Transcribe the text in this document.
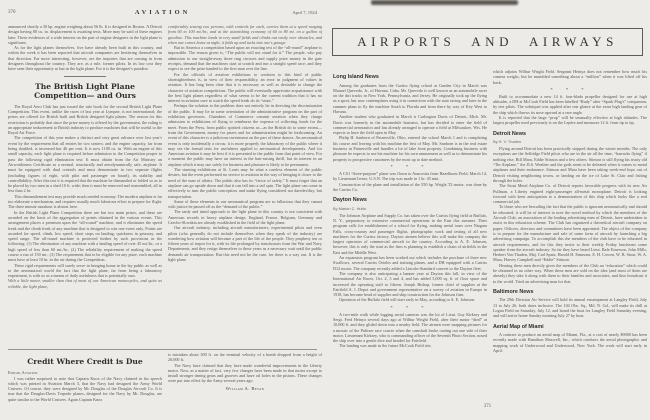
370	AVIATION	April 7, 1924
announced shortly a 30 hp. engine weighing about 56 lb. It is designed in Boston. A Detroit design having 80 cu. in. displacement is awaiting tests. More may be said of these engines later. These evidences of a wide interest on the part of engine designers in the light plane is significant.
As for the light planes themselves, five have already been built in this country, and within the week it has been reported that aircraft companies are bestirring themselves in that direction. Far more interesting, however, are the inquiries that are coming in from designers throughout the country. They are, as a rule, former pilots. In its low cost they have seen their opportunity at last in the light plane. For it is the designer's paradise.
The British Light Plane Competition— and Ours
The Royal Aero Club has just issued the rule book for the second British Light Plane Competition. This event, unlike the races of last year at Lympne, is not international; the prizes are offered for British built and British designed light planes. The reason for this restriction is probably that since the prize money is offered by the government, the ruling is an appropriate inducement to British industry to produce machines that will be useful to the Royal Air Force.
The competition of this year makes a distinct and very great advance over last year's event by the requirement that all entries be two seaters; and the engine capacity, far from being doubled, is increased but 46 per cent. It is now 1100 cu. in. With an engine of this small capacity, each light plane is required before admission to the Competition proper to pass the following rigid elimination test: It must obtain from the Air Ministry an Airworthiness Certificate as a normal, structurally and aerodynamically safe, airplane. It must be equipped with dual controls and must demonstrate in two separate flights (including figures of eight, with pilot and passenger on board), its stability and controllability. After this test it is required that the machine be dismantled or folded so as to be placed by two men in a shed 10 ft. wide; then it must be removed and reassembled, all in less than 2 hr.
This dismantlement test may provide much needed economy. The modern airplane is far too elaborate a mechanism, and requires usually much laborious effort to prepare for flight. The three minute runabout is almost here.
In the British Light Plane Competition there are but two main prizes, and these are awarded on the basis of the aggregation of points obtained in the various events. This arrangement places a premium upon the “all-round” machine, and it eliminates the speed freak and the climb freak of any machine that is designed to win one event only. Points are awarded for speed, climb, low speed, short stops on landing, quickness in getaway, and speed range. The all-round machine is protected further by such provisions as the following: (1) The elimination of any machine with a landing speed of over 45 mi./hr., or a high speed of less than 60 mi./hr.; (2) The reliability requirement of making the speed course a run of 150 mi.; (3) The requirement that to be eligible for any prize, each machine must have at least 10 hr. in the air during the Competition.
These rigid requirements will surely serve in bringing home to the lay public as well as to the aeronautical world the fact that the light plane, far from being a laboratory experiment, is with us as a means of daily usefulness that is potentially ours.
With a little motor, smaller than that of most of our American motorcycles, and quite as reliable, the light plane,
comfortably seating two persons, with controls for each, carries them at a speed ranging from 60 to 100 mi./hr., and at the astonishing economy of 60 to 80 mi. on a gallon of gasoline. This machine lands in very small fields and climbs out easily over obstacles, and when one comes home at night, it folds up and tucks into one's garage.
But in America a competition based upon an exacting test of the “all-round” airplane is impossible. The reason given is, “The public will not stand for it.” The people, who pay admission to our straight-away three ring circuses and supply prize money in the gate receipts, demand that the machines start at scratch and run a straight speed race; and they expect to see the prize handed to the first man over the line.
For the officials of aviation exhibitions to conform to this kind of public shortsightedness is, in view of their responsibility, an error in judgment of values in aviation. It has long been clear that it is necessary as well as desirable to change the character of aviation competitions. The public will eventually appreciate acquaintance with the best light planes regardless of what seems to be the current tradition that it has no interest in aviation save to watch the speed freak do its “stunt.”
Perhaps the solution to the problem does not entirely lie in directing the discrimination of the public. It may lie in some orientation of the administrative program on the part of exhibition governors. Chambers of Commerce commit aviation when they charge admission to exhibitions of flying to reimburse the expense of collecting funds for the meet. From the Press, from public spirited citizens or—as the British do to some extent—from the Government, money for prizes and for administration might be forthcoming. An event of this character is a judicious investment on the part of these donors. An aeronautical event is only incidentally a circus; it is more properly the laboratory of the public where it may see the formal tests for usefulness applied to aeronautical developments. And for American aviation it may be best if it is presented to the public from that point of view. For a moment the public may have an interest in the hair-raising thrill, but its interest in an airplane which it may use safely for business and pleasure is likely to be permanent.
The stunting exhibitions at St. Louis may be what a careless element of the public desires, but the event performed no service to aviation in the way of bringing it closer to the need of the man of affairs. The public also has its “factor of safety.” It must forget that an airplane can go upside down and that it can fall into a tail spin. The light plane can come in effectively to turn the public conception, and make flying considered not daredeviltry, but transportation.
Some of these elements in our aeronautical program are so fallacious that they cannot with justice be passed off as the “demand of the public.”
The tardy and timid approach to the light plane in this country is not consistent with American records in heavy airplane design. England, France, Belgium, Germany and Czecho-Slovakia are already established in the field of the light plane.
Our aircraft industry, including aircraft manufacturers, experimental pilots and even pilots (who generally do not include themselves when they speak of the industry) are wondering how aviation will become a part of the life of the people. They prophesy ten or fifteen years of torpor for it, with its life prolonged by transfusions from the War and Navy Departments, and they resign themselves to these years as a necessary wait until the public demands air transportation. But this need not be the case, for there is a way out. It is the light plane.
Credit Where Credit is Due
Editor, Aviation:
I was rather surprised to note that Captain Knox of the Navy claimed in his speech which was printed in Aviation March 3, that the Navy had designed the Army World Cruisers. Of course, they were designed by Mr. Douglas of the Douglas Aircraft Co. It is true that the Douglas-Davis Torpedo planes, designed for the Navy by Mr. Douglas, are quite similar to the World Cruisers. Again Captain Knox
is mistaken about 300 ft. on the terminal velocity of a bomb dropped from a height of 20,000 ft.
The Navy have claimed that they have made wonderful improvements in the Liberty motor. Now, as a matter of fact, very few changes have been made in that motor except to install stronger timing gears and grooves and have oil holes in the pistons. These changes were put into effect by the Army several years ago.
William A. Bevan
AIRPORTS AND AIRWAYS
Long Island News
Among the graduates from the Curtiss flying school at Garden City in March was Manuel Quevedo, Jr., of Havana, Cuba. Mr. Quevedo is well known as an automobile racer on the dirt tracks in New York, Pennsylvania, and Jersey. He originally took up the flying as a sport, but now contemplates using it in connection with the auto racing and later in the summer plans to fly the machine South to Florida and from there by way of Key West to Havana.
Another student who graduated in March is Carlington Davis of Detroit, Mich. Mr. Davis was formerly in the automobile business, but has decided to enter the field of commercial aeronautics and has already arranged to operate a field at Milwaukee, Wis. He expects to have the field open in May.
Philip H. Sanborn of Painesville, Ohio, entered the school March 1 and is completing his course and leaving with his machine the first of May. Mr. Sanborn is in the real estate business in Painesville and handles a lot of lake front property. Combining business with pleasure he expects to use his machine for his own amusement as well as to demonstrate his property to prospective customers by the most up to date method.
* * *
A CS1 “three-purpose” plane was flown to Anacostia from Hazelhurst Field, March 14, by Lieutenant Irvine, U.S.N. The trip was made in 1 hr. 45 min.
Construction of the plane and installation of the 550 hp. Wright T2 motor, was done by the Curtiss Co.
Dayton News
By Marion C. Hutto
The Johnson Airplane and Supply Co. has taken over the Curtiss flying field at Buffalo, N. Y., preparatory to extensive commercial operations in the East this summer. Their program calls for establishment of a school for flying, making aerial tours over Niagara Falls, cross-country and passenger flights, photographic work and testing of all new machines for the Curtiss factory. Dayton airmen believe this will make the company the largest operators of commercial aircraft in the country. According to A. E. Johnson, however, this is only the start as the firm is planning to establish a chain of airfields in the East and the Middle West.
An expansion program has been worked out which includes the purchase of three new Swallows, several Curtiss Orioles and training planes, and a DH equipped with a Curtiss D12 motor. The company recently added a Lincoln-Standard convert to the Dayton fleet.
The company is also anticipating a banner year at Dayton this fall, in view of the International Air Races, Oct. 2, 3 and 4, and has added 5,000 sq. ft. of floor space and increased the operating staff to fifteen. Joseph Bishop, former chief of supplies at the Fairfield A. I. Depot and government representative on a survey of aviation in Europe in 1918, has become head of supplies and ship construction for the Johnson firm.
Operation of the Buffalo field will start early in May, according to A. E. Johnson.
* * *
A two-mile walk while lugging aerial cameras was the lot of Lieut. Guy Kirksey and Sergt. Fred Heinya several days ago at Wilbur Wright Field, after their motor “died” at 10,000 ft. and they glided down into a nearby field. The airmen were snapping pictures for a mosaic of the Pulitzer race course when the camshaft broke cutting out one side of their motor. Lieutenant Kirksey, who is commanding officer of the Seventh Photo Section, nosed the ship over into a gentle dive and headed for Fairfield.
The landing was made in the future McCook Field site,
which adjoins Wilbur Wright Field. Sergeant Heinya does not remember how much his camera weighs, but he mumbled something about a “million” when it was lifted off his back.
* * *
Built to accommodate a new 14 ft. four-blade propeller designed for use at high altitudes, a DH at McCook Field has been labelled “Rudy” after “Spark Plug's” companion, by test pilots. The sobriquet was applied after one glance at the extra high landing gear of the ship which throws its nose upward at a rare angle.
It is reported that the large “prop” will be unusually effective at high altitudes. The largest propeller used previously is on the Lepère and measures 12 ft. from tip to tip.
Detroit News
By H. V. Thaden
Flying around Detroit has been practically stopped during the winter months. The only exceptions are the Selfridge Field pilots who are in the air all the time, “barracks flying” if nothing else, Bill Mara, Eddie Stinson and a few others. Stinson is still flying his trusty old “Tin Airplane,” the JL6. Weather and the gods seem to be defeated when it comes to metal airplanes and their endurance. Stinson and Mara have been taking week-end hops out of Detroit visiting neighboring towns, or landing on the ice of Lake St. Clair and fishing through the holes.
The Stout Metal Airplane Co. of Detroit reports favorable progress with its new Air Pullman, a Liberty engined eight-passenger all-metal monoplane. Detroit is looking forward with keen anticipation to a demonstration of this ship which looks like a real commercial job.
To those who are bewailing the fact that the public is ignorant aeronautically and should be educated, it will be of interest to note the novel method by which the members of the Aircraft Club, an association of the leading advertising men of Detroit, have undertaken to assist in this education scheme. The Club has organized a theoretical aircraft company on paper. Officers, directors and committees have been appointed. The object of the company is to prepare for the manufacture and sale of some form of aircraft by launching a big advertising campaign. To accomplish this the members of the club have to be educated in aircraft requirements, and for this they invite to their weekly Friday luncheons some speaker from the aircraft industry. So far they have heard Lieut. Rafe Emerson, John Mills, Herbert Von Thaden, Maj. Carl Spatz, Harold H. Emmons, E. H. Cowen, W. B. Stout, W. A. Mara, Harvey Campbell and “Eddie” Stinson.
Hearing these men directly gives the members of the Club an “education” which could be obtained in no other way. When these men are sold on the idea (and most of them are already) they take it along with them to their families and associates, and thus broadcast it to the world. Tried an advertising man for that.
Baltimore News
The 29th Division Air Service will hold its annual encampment at Langley Field, July 13 to July 26, both dates inclusive. The 104 Obs. Sq., Md. N. Gd., will make its drill at Logan Field on Saturday, July 12, and board the boat for Langley Field Saturday evening, and will arrive home Sunday morning July 27 by boat.
Aerial Map of Miami
A contract to produce an aerial map of Miami, Fla., at a cost of nearly $9000 has been recently made with Hamilton Maxwell, Inc., which conducts the aerial photographic and mapping work of Underwood and Underwood, New York. The work will start early in April.
371
